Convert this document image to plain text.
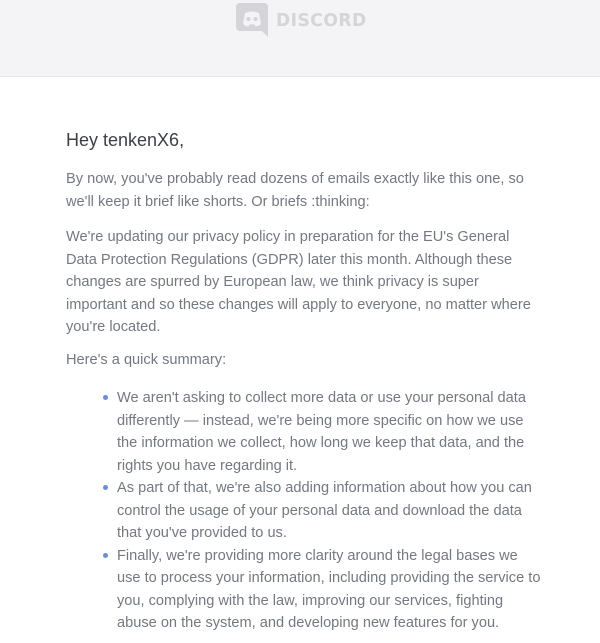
DISCORD
Hey tenkenX6,

By now, you've probably read dozens of emails exactly like this one, so we'll keep it brief like shorts. Or briefs :thinking:

We're updating our privacy policy in preparation for the EU's General Data Protection Regulations (GDPR) later this month. Although these changes are spurred by European law, we think privacy is super important and so these changes will apply to everyone, no matter where you're located.

Here's a quick summary:

We aren't asking to collect more data or use your personal data differently — instead, we're being more specific on how we use the information we collect, how long we keep that data, and the rights you have regarding it.
As part of that, we're also adding information about how you can control the usage of your personal data and download the data that you've provided to us.
Finally, we're providing more clarity around the legal bases we use to process your information, including providing the service to you, complying with the law, improving our services, fighting abuse on the system, and developing new features for you.
